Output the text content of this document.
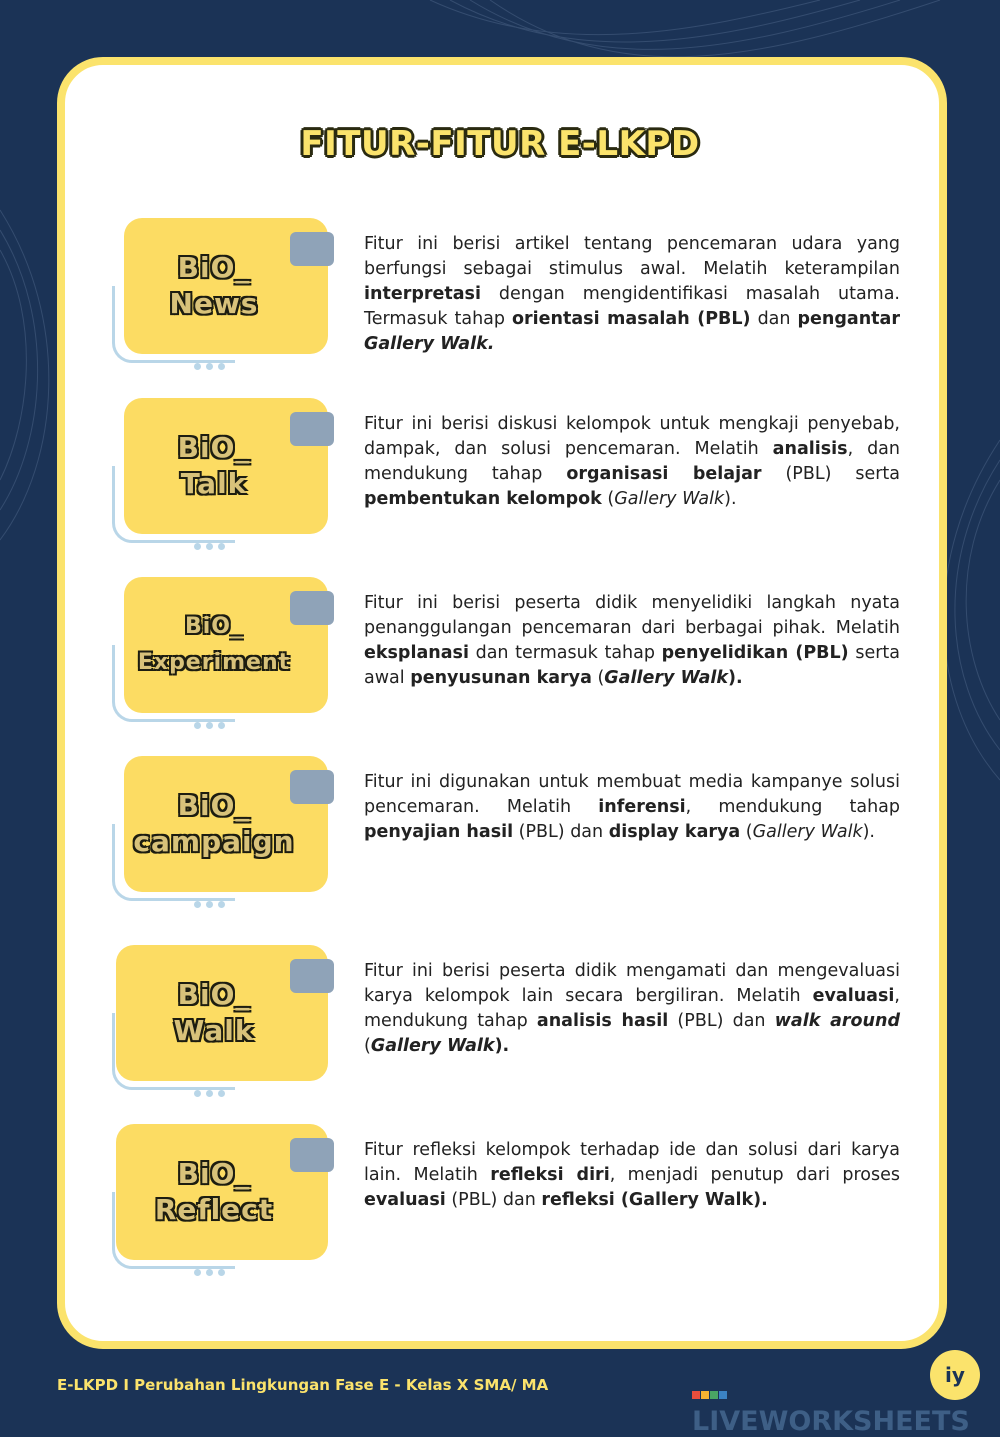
FITUR-FITUR E-LKPD
BiO_
News
Fitur ini berisi artikel tentang pencemaran udara yang berfungsi sebagai stimulus awal. Melatih keterampilan interpretasi dengan mengidentifikasi masalah utama. Termasuk tahap orientasi masalah (PBL) dan pengantar Gallery Walk.
BiO_
Talk
Fitur ini berisi diskusi kelompok untuk mengkaji penyebab, dampak, dan solusi pencemaran. Melatih analisis, dan mendukung tahap organisasi belajar (PBL) serta pembentukan kelompok (Gallery Walk).
BiO_
Experiment
Fitur ini berisi peserta didik menyelidiki langkah nyata penanggulangan pencemaran dari berbagai pihak. Melatih eksplanasi dan termasuk tahap penyelidikan (PBL) serta awal penyusunan karya (Gallery Walk).
BiO_
campaign
Fitur ini digunakan untuk membuat media kampanye solusi pencemaran. Melatih inferensi, mendukung tahap penyajian hasil (PBL) dan display karya (Gallery Walk).
BiO_
Walk
Fitur ini berisi peserta didik mengamati dan mengevaluasi karya kelompok lain secara bergiliran. Melatih evaluasi, mendukung tahap analisis hasil (PBL) dan walk around (Gallery Walk).
BiO_
Reflect
Fitur refleksi kelompok terhadap ide dan solusi dari karya lain. Melatih refleksi diri, menjadi penutup dari proses evaluasi (PBL) dan refleksi (Gallery Walk).
E-LKPD I Perubahan Lingkungan Fase E - Kelas X SMA/ MA	iy
LIVEWORKSHEETS
